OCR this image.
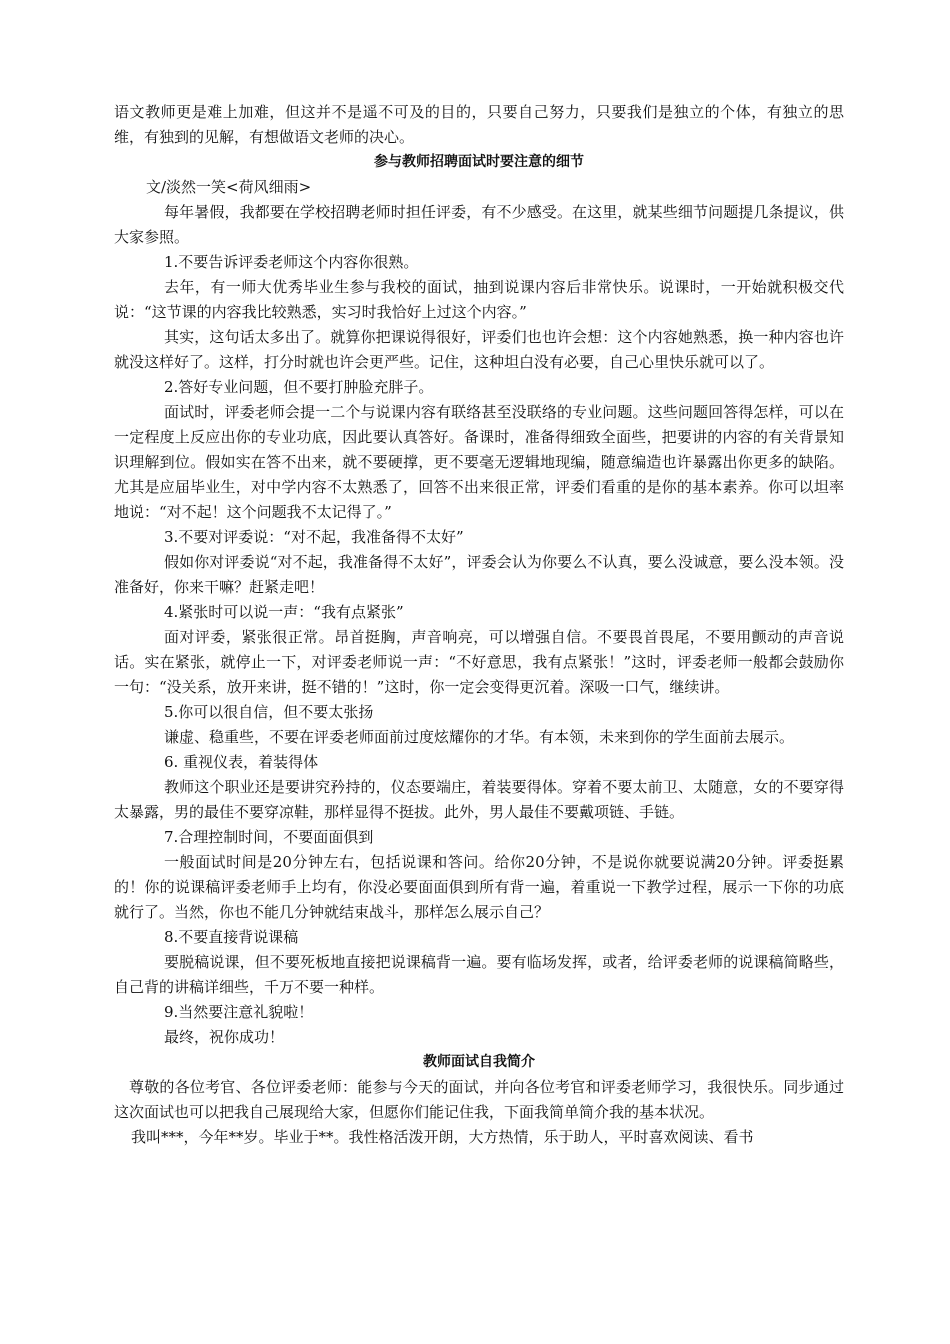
语文教师更是难上加难，但这并不是遥不可及的目的，只要自己努力，只要我们是独立的个体，有独立的思维，有独到的见解，有想做语文老师的决心。

参与教师招聘面试时要注意的细节

文/淡然一笑<荷风细雨>

每年暑假，我都要在学校招聘老师时担任评委，有不少感受。在这里，就某些细节问题提几条提议，供大家参照。

1.不要告诉评委老师这个内容你很熟。

去年，有一师大优秀毕业生参与我校的面试，抽到说课内容后非常快乐。说课时，一开始就积极交代说：“这节课的内容我比较熟悉，实习时我恰好上过这个内容。”

其实，这句话太多出了。就算你把课说得很好，评委们也也许会想：这个内容她熟悉，换一种内容也许就没这样好了。这样，打分时就也许会更严些。记住，这种坦白没有必要，自己心里快乐就可以了。

2.答好专业问题，但不要打肿脸充胖子。

面试时，评委老师会提一二个与说课内容有联络甚至没联络的专业问题。这些问题回答得怎样，可以在一定程度上反应出你的专业功底，因此要认真答好。备课时，准备得细致全面些，把要讲的内容的有关背景知识理解到位。假如实在答不出来，就不要硬撑，更不要毫无逻辑地现编，随意编造也许暴露出你更多的缺陷。尤其是应届毕业生，对中学内容不太熟悉了，回答不出来很正常，评委们看重的是你的基本素养。你可以坦率地说：“对不起！这个问题我不太记得了。”

3.不要对评委说：“对不起，我准备得不太好”

假如你对评委说“对不起，我准备得不太好”，评委会认为你要么不认真，要么没诚意，要么没本领。没准备好，你来干嘛？赶紧走吧！

4.紧张时可以说一声：“我有点紧张”

面对评委，紧张很正常。昂首挺胸，声音响亮，可以增强自信。不要畏首畏尾，不要用颤动的声音说话。实在紧张，就停止一下，对评委老师说一声：“不好意思，我有点紧张！”这时，评委老师一般都会鼓励你一句：“没关系，放开来讲，挺不错的！”这时，你一定会变得更沉着。深吸一口气，继续讲。

5.你可以很自信，但不要太张扬

谦虚、稳重些，不要在评委老师面前过度炫耀你的才华。有本领，未来到你的学生面前去展示。

6. 重视仪表，着装得体

教师这个职业还是要讲究矜持的，仪态要端庄，着装要得体。穿着不要太前卫、太随意，女的不要穿得太暴露，男的最佳不要穿凉鞋，那样显得不挺拔。此外，男人最佳不要戴项链、手链。

7.合理控制时间，不要面面俱到

一般面试时间是20分钟左右，包括说课和答问。给你20分钟，不是说你就要说满20分钟。评委挺累的！你的说课稿评委老师手上均有，你没必要面面俱到所有背一遍，着重说一下教学过程，展示一下你的功底就行了。当然，你也不能几分钟就结束战斗，那样怎么展示自己？

8.不要直接背说课稿

要脱稿说课，但不要死板地直接把说课稿背一遍。要有临场发挥，或者，给评委老师的说课稿简略些，自己背的讲稿详细些，千万不要一种样。

9.当然要注意礼貌啦！

最终，祝你成功！

教师面试自我简介

尊敬的各位考官、各位评委老师：能参与今天的面试，并向各位考官和评委老师学习，我很快乐。同步通过这次面试也可以把我自己展现给大家，但愿你们能记住我，下面我简单简介我的基本状况。

我叫***，今年**岁。毕业于**。我性格活泼开朗，大方热情，乐于助人，平时喜欢阅读、看书
